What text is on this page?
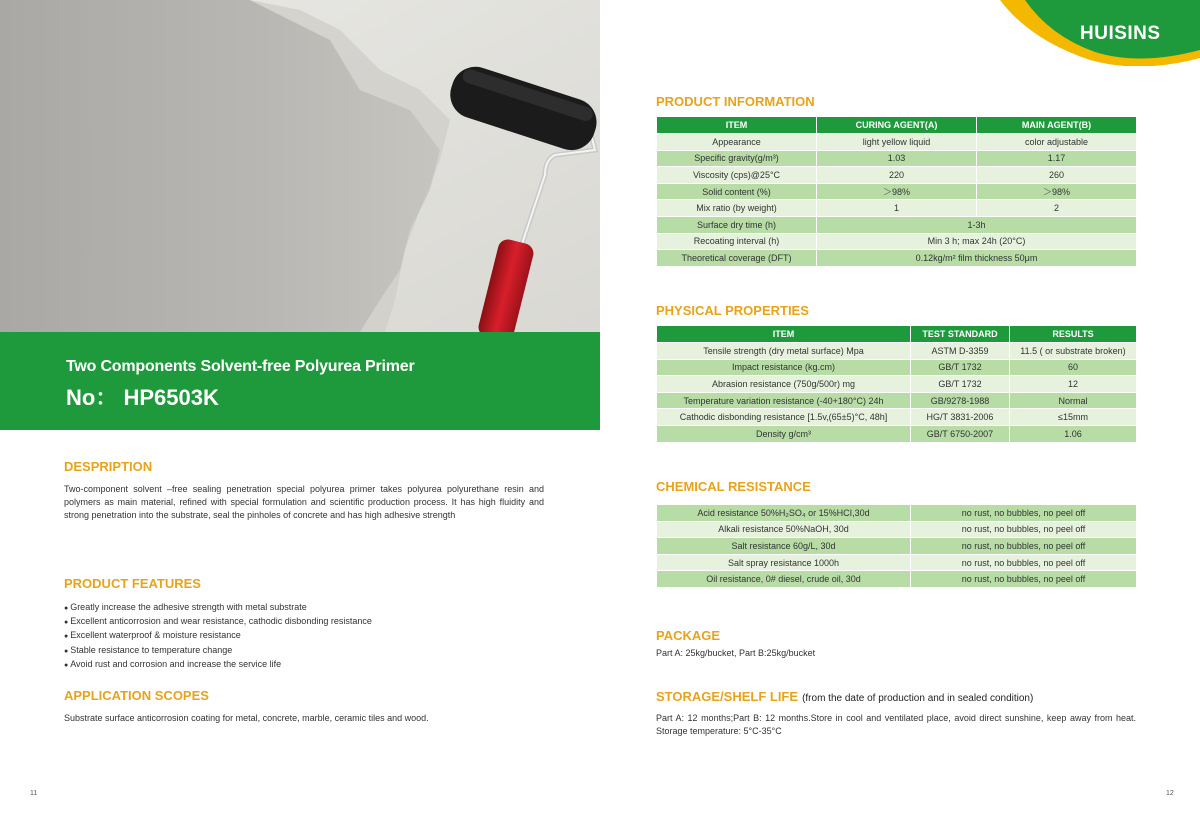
Two Components Solvent-free Polyurea Primer
No： HP6503K
HUISINS
DESPRIPTION

Two-component solvent –free sealing penetration special polyurea primer takes polyurea polyurethane resin and polymers as main material, refined with special formulation and scientific production process. It has high fluidity and strong penetration into the substrate, seal the pinholes of concrete and has high adhesive strength

PRODUCT FEATURES
● Greatly increase the adhesive strength with metal substrate
● Excellent anticorrosion and wear resistance, cathodic disbonding resistance
● Excellent waterproof & moisture resistance
● Stable resistance to temperature change
● Avoid rust and corrosion and increase the service life
APPLICATION SCOPES

Substrate surface anticorrosion coating for metal, concrete, marble, ceramic tiles and wood.

PRODUCT INFORMATION
ITEM	CURING AGENT(A)	MAIN AGENT(B)
Appearance	light yellow liquid	color adjustable
Specific gravity(g/m³)	1.03	1.17
Viscosity (cps)@25°C	220	260
Solid content (%)	＞98%	＞98%
Mix ratio (by weight)	1	2
Surface dry time (h)	1-3h	
Recoating interval (h)	Min 3 h; max 24h (20°C)	
Theoretical coverage (DFT)	0.12kg/m² film thickness 50μm	
PHYSICAL PROPERTIES
ITEM	TEST STANDARD	RESULTS
Tensile strength (dry metal surface) Mpa	ASTM D-3359	11.5 ( or substrate broken)
Impact resistance (kg.cm)	GB/T 1732	60
Abrasion resistance (750g/500r) mg	GB/T 1732	12
Temperature variation resistance (-40+180°C) 24h	GB/9278-1988	Normal
Cathodic disbonding resistance [1.5v,(65±5)°C, 48h]	HG/T 3831-2006	≤15mm
Density g/cm³	GB/T 6750-2007	1.06
CHEMICAL RESISTANCE
Acid resistance 50%H₂SO₄ or 15%HCI,30d	no rust, no bubbles, no peel off
Alkali resistance 50%NaOH, 30d	no rust, no bubbles, no peel off
Salt resistance 60g/L, 30d	no rust, no bubbles, no peel off
Salt spray resistance 1000h	no rust, no bubbles, no peel off
Oil resistance, 0# diesel, crude oil, 30d	no rust, no bubbles, no peel off
PACKAGE

Part A: 25kg/bucket, Part B:25kg/bucket

STORAGE/SHELF LIFE (from the date of production and in sealed condition)

Part A: 12 months;Part B: 12 months.Store in cool and ventilated place, avoid direct sunshine, keep away from heat. Storage temperature: 5°C-35°C

11	12
